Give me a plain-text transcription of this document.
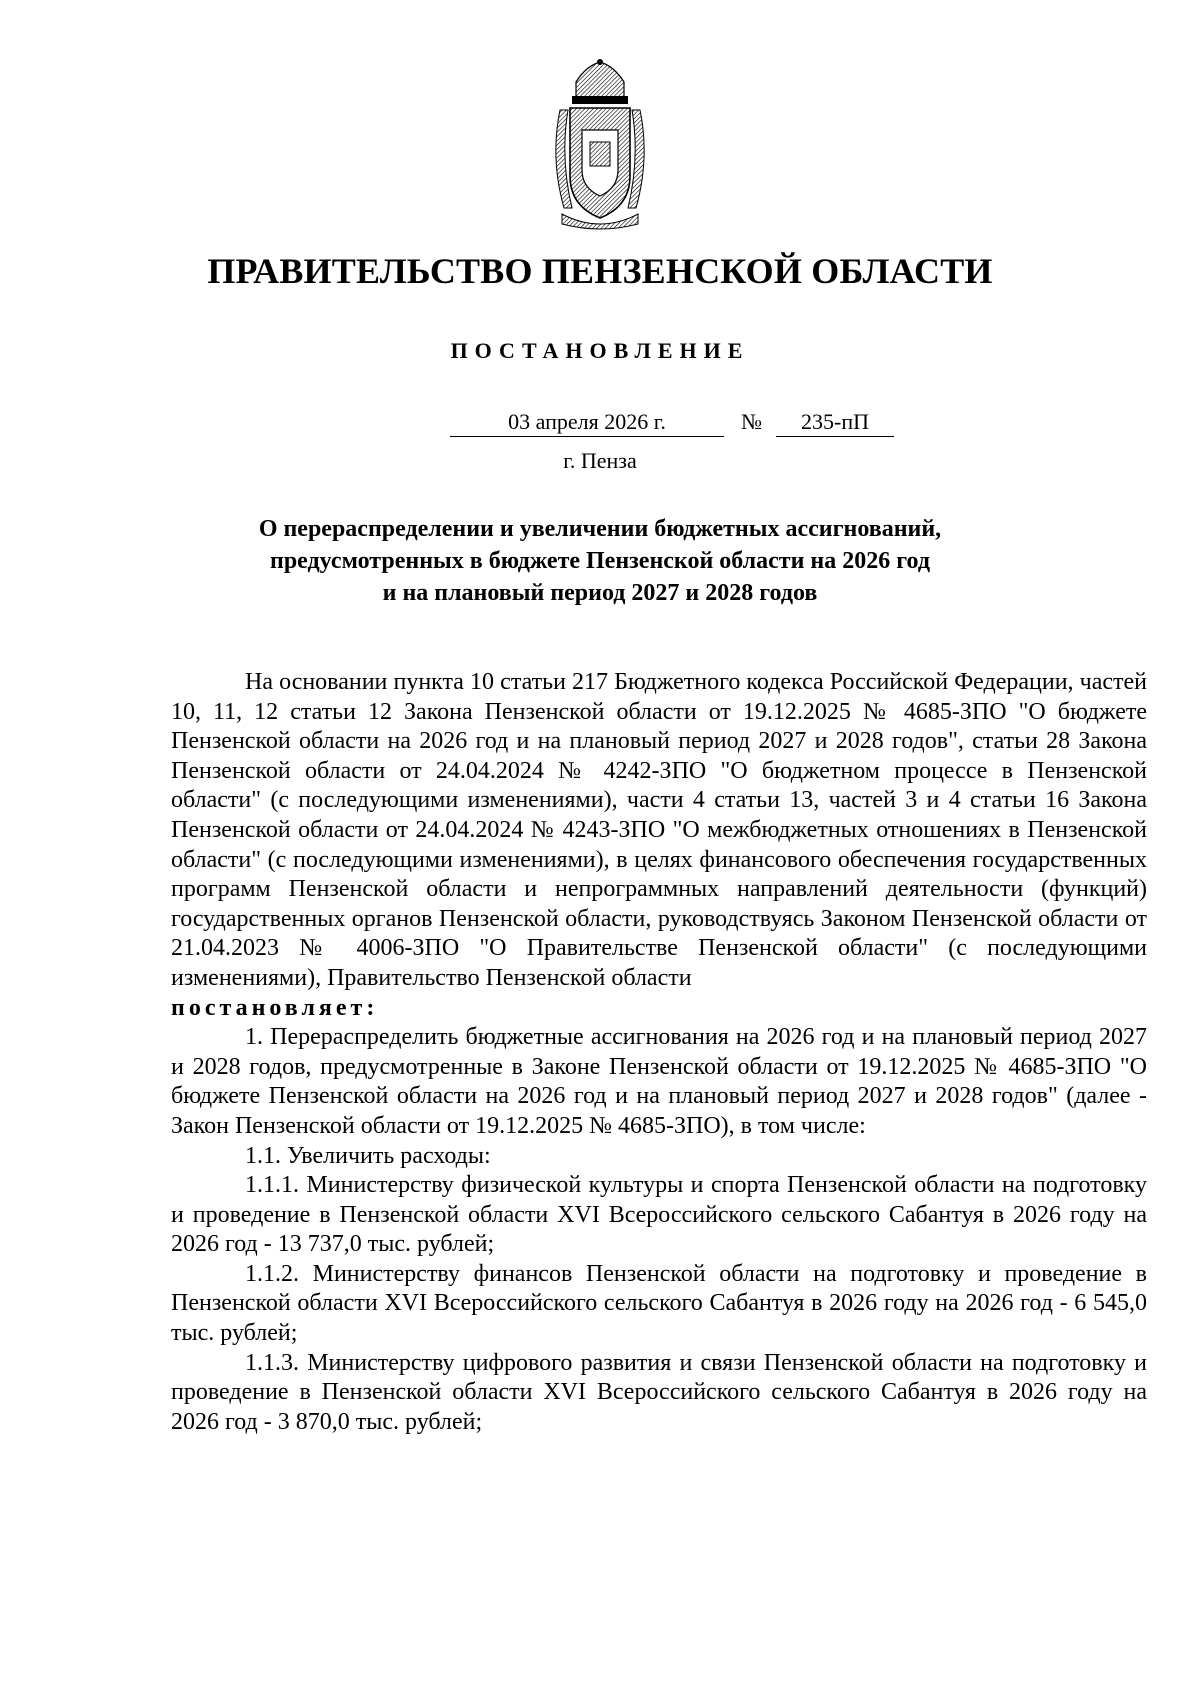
ПРАВИТЕЛЬСТВО ПЕНЗЕНСКОЙ ОБЛАСТИ
ПОСТАНОВЛЕНИЕ
03 апреля 2026 г.	№	235-пП
г. Пенза
О перераспределении и увеличении бюджетных ассигнований,
предусмотренных в бюджете Пензенской области на 2026 год
и на плановый период 2027 и 2028 годов

На основании пункта 10 статьи 217 Бюджетного кодекса Российской Федерации, частей 10, 11, 12 статьи 12 Закона Пензенской области от 19.12.2025 № 4685-ЗПО "О бюджете Пензенской области на 2026 год и на плановый период 2027 и 2028 годов", статьи 28 Закона Пензенской области от 24.04.2024 № 4242-ЗПО "О бюджетном процессе в Пензенской области" (с последующими изменениями), части 4 статьи 13, частей 3 и 4 статьи 16 Закона Пензенской области от 24.04.2024 № 4243-ЗПО "О межбюджетных отношениях в Пензенской области" (с последующими изменениями), в целях финансового обеспечения государственных программ Пензенской области и непрограммных направлений деятельности (функций) государственных органов Пензенской области, руководствуясь Законом Пензенской области от 21.04.2023 № 4006-ЗПО "О Правительстве Пензенской области" (с последующими изменениями), Правительство Пензенской области

постановляет:

1. Перераспределить бюджетные ассигнования на 2026 год и на плановый период 2027 и 2028 годов, предусмотренные в Законе Пензенской области от 19.12.2025 № 4685-ЗПО "О бюджете Пензенской области на 2026 год и на плановый период 2027 и 2028 годов" (далее - Закон Пензенской области от 19.12.2025 № 4685-ЗПО), в том числе:

1.1. Увеличить расходы:

1.1.1. Министерству физической культуры и спорта Пензенской области на подготовку и проведение в Пензенской области XVI Всероссийского сельского Сабантуя в 2026 году на 2026 год - 13 737,0 тыс. рублей;

1.1.2. Министерству финансов Пензенской области на подготовку и проведение в Пензенской области XVI Всероссийского сельского Сабантуя в 2026 году на 2026 год - 6 545,0 тыс. рублей;

1.1.3. Министерству цифрового развития и связи Пензенской области на подготовку и проведение в Пензенской области XVI Всероссийского сельского Сабантуя в 2026 году на 2026 год - 3 870,0 тыс. рублей;
